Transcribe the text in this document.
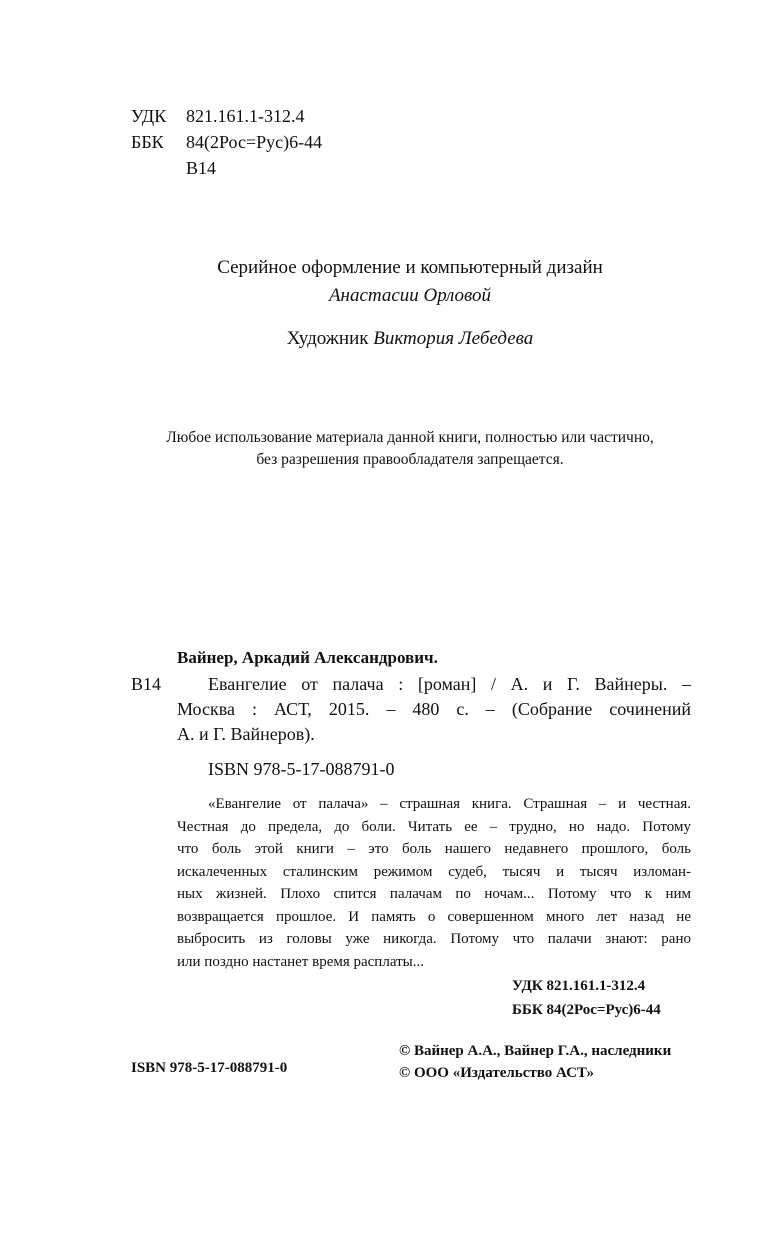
УДК	821.161.1-312.4
ББК	84(2Рос=Рус)6-44
В14
Серийное оформление и компьютерный дизайн
Анастасии Орловой
Художник Виктория Лебедева
Любое использование материала данной книги, полностью или частично,
без разрешения правообладателя запрещается.
Вайнер, Аркадий Александрович.
В14	Евангелие от палача : [роман] / А. и Г. Вайнеры. –
Москва : АСТ, 2015. – 480 с. – (Собрание сочинений
А. и Г. Вайнеров).
ISBN 978-5-17-088791-0
«Евангелие от палача» – страшная книга. Страшная – и честная.
Честная до предела, до боли. Читать ее – трудно, но надо. Потому
что боль этой книги – это боль нашего недавнего прошлого, боль
искалеченных сталинским режимом судеб, тысяч и тысяч изломан-
ных жизней. Плохо спится палачам по ночам... Потому что к ним
возвращается прошлое. И память о совершенном много лет назад не
выбросить из головы уже никогда. Потому что палачи знают: рано
или поздно настанет время расплаты...
УДК 821.161.1-312.4
ББК 84(2Рос=Рус)6-44
© Вайнер А.А., Вайнер Г.А., наследники
© ООО «Издательство АСТ»
ISBN 978-5-17-088791-0
